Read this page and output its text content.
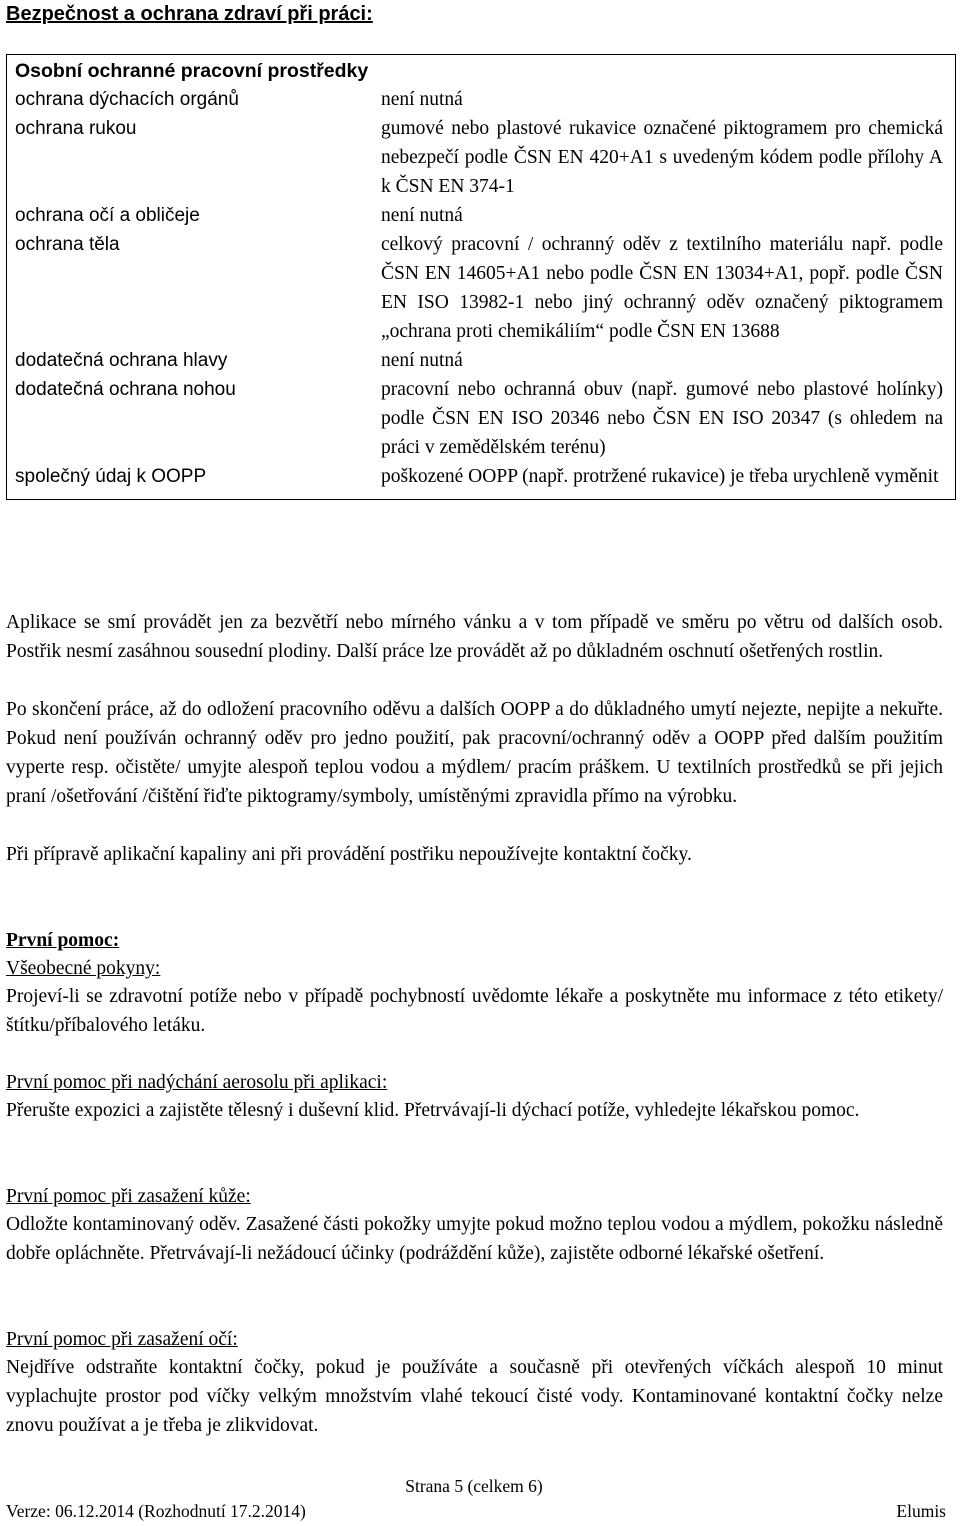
Bezpečnost a ochrana zdraví při práci:
Osobní ochranné pracovní prostředky	
ochrana dýchacích orgánů	není nutná
ochrana rukou	gumové nebo plastové rukavice označené piktogramem pro chemická nebezpečí podle ČSN EN 420+A1 s uvedeným kódem podle přílohy A k ČSN EN 374-1
ochrana očí a obličeje	není nutná
ochrana těla	celkový pracovní / ochranný oděv z textilního materiálu např. podle ČSN EN 14605+A1 nebo podle ČSN EN 13034+A1, popř. podle ČSN EN ISO 13982-1 nebo jiný ochranný oděv označený piktogramem „ochrana proti chemikáliím“ podle ČSN EN 13688
dodatečná ochrana hlavy	není nutná
dodatečná ochrana nohou	pracovní nebo ochranná obuv (např. gumové nebo plastové holínky) podle ČSN EN ISO 20346 nebo ČSN EN ISO 20347 (s ohledem na práci v zemědělském terénu)
společný údaj k OOPP	poškozené OOPP (např. protržené rukavice) je třeba urychleně vyměnit

Aplikace se smí provádět jen za bezvětří nebo mírného vánku a v tom případě ve směru po větru od dalších osob. Postřik nesmí zasáhnou sousední plodiny. Další práce lze provádět až po důkladném oschnutí ošetřených rostlin.

Po skončení práce, až do odložení pracovního oděvu a dalších OOPP a do důkladného umytí nejezte, nepijte a nekuřte. Pokud není používán ochranný oděv pro jedno použití, pak pracovní/ochranný oděv a OOPP před dalším použitím vyperte resp. očistěte/ umyjte alespoň teplou vodou a mýdlem/ pracím práškem. U textilních prostředků se při jejich praní /ošetřování /čištění řiďte piktogramy/symboly, umístěnými zpravidla přímo na výrobku.

Při přípravě aplikační kapaliny ani při provádění postřiku nepoužívejte kontaktní čočky.

První pomoc:

Všeobecné pokyny:

Projeví-li se zdravotní potíže nebo v případě pochybností uvědomte lékaře a poskytněte mu informace z této etikety/ štítku/příbalového letáku.

První pomoc při nadýchání aerosolu při aplikaci:

Přerušte expozici a zajistěte tělesný i duševní klid. Přetrvávají-li dýchací potíže, vyhledejte lékařskou pomoc.

První pomoc při zasažení kůže:

Odložte kontaminovaný oděv. Zasažené části pokožky umyjte pokud možno teplou vodou a mýdlem, pokožku následně dobře opláchněte. Přetrvávají-li nežádoucí účinky (podráždění kůže), zajistěte odborné lékařské ošetření.

První pomoc při zasažení očí:

Nejdříve odstraňte kontaktní čočky, pokud je používáte a současně při otevřených víčkách alespoň 10 minut vyplachujte prostor pod víčky velkým množstvím vlahé tekoucí čisté vody. Kontaminované kontaktní čočky nelze znovu používat a je třeba je zlikvidovat.

Strana 5 (celkem 6)
Verze: 06.12.2014 (Rozhodnutí 17.2.2014)	Elumis
